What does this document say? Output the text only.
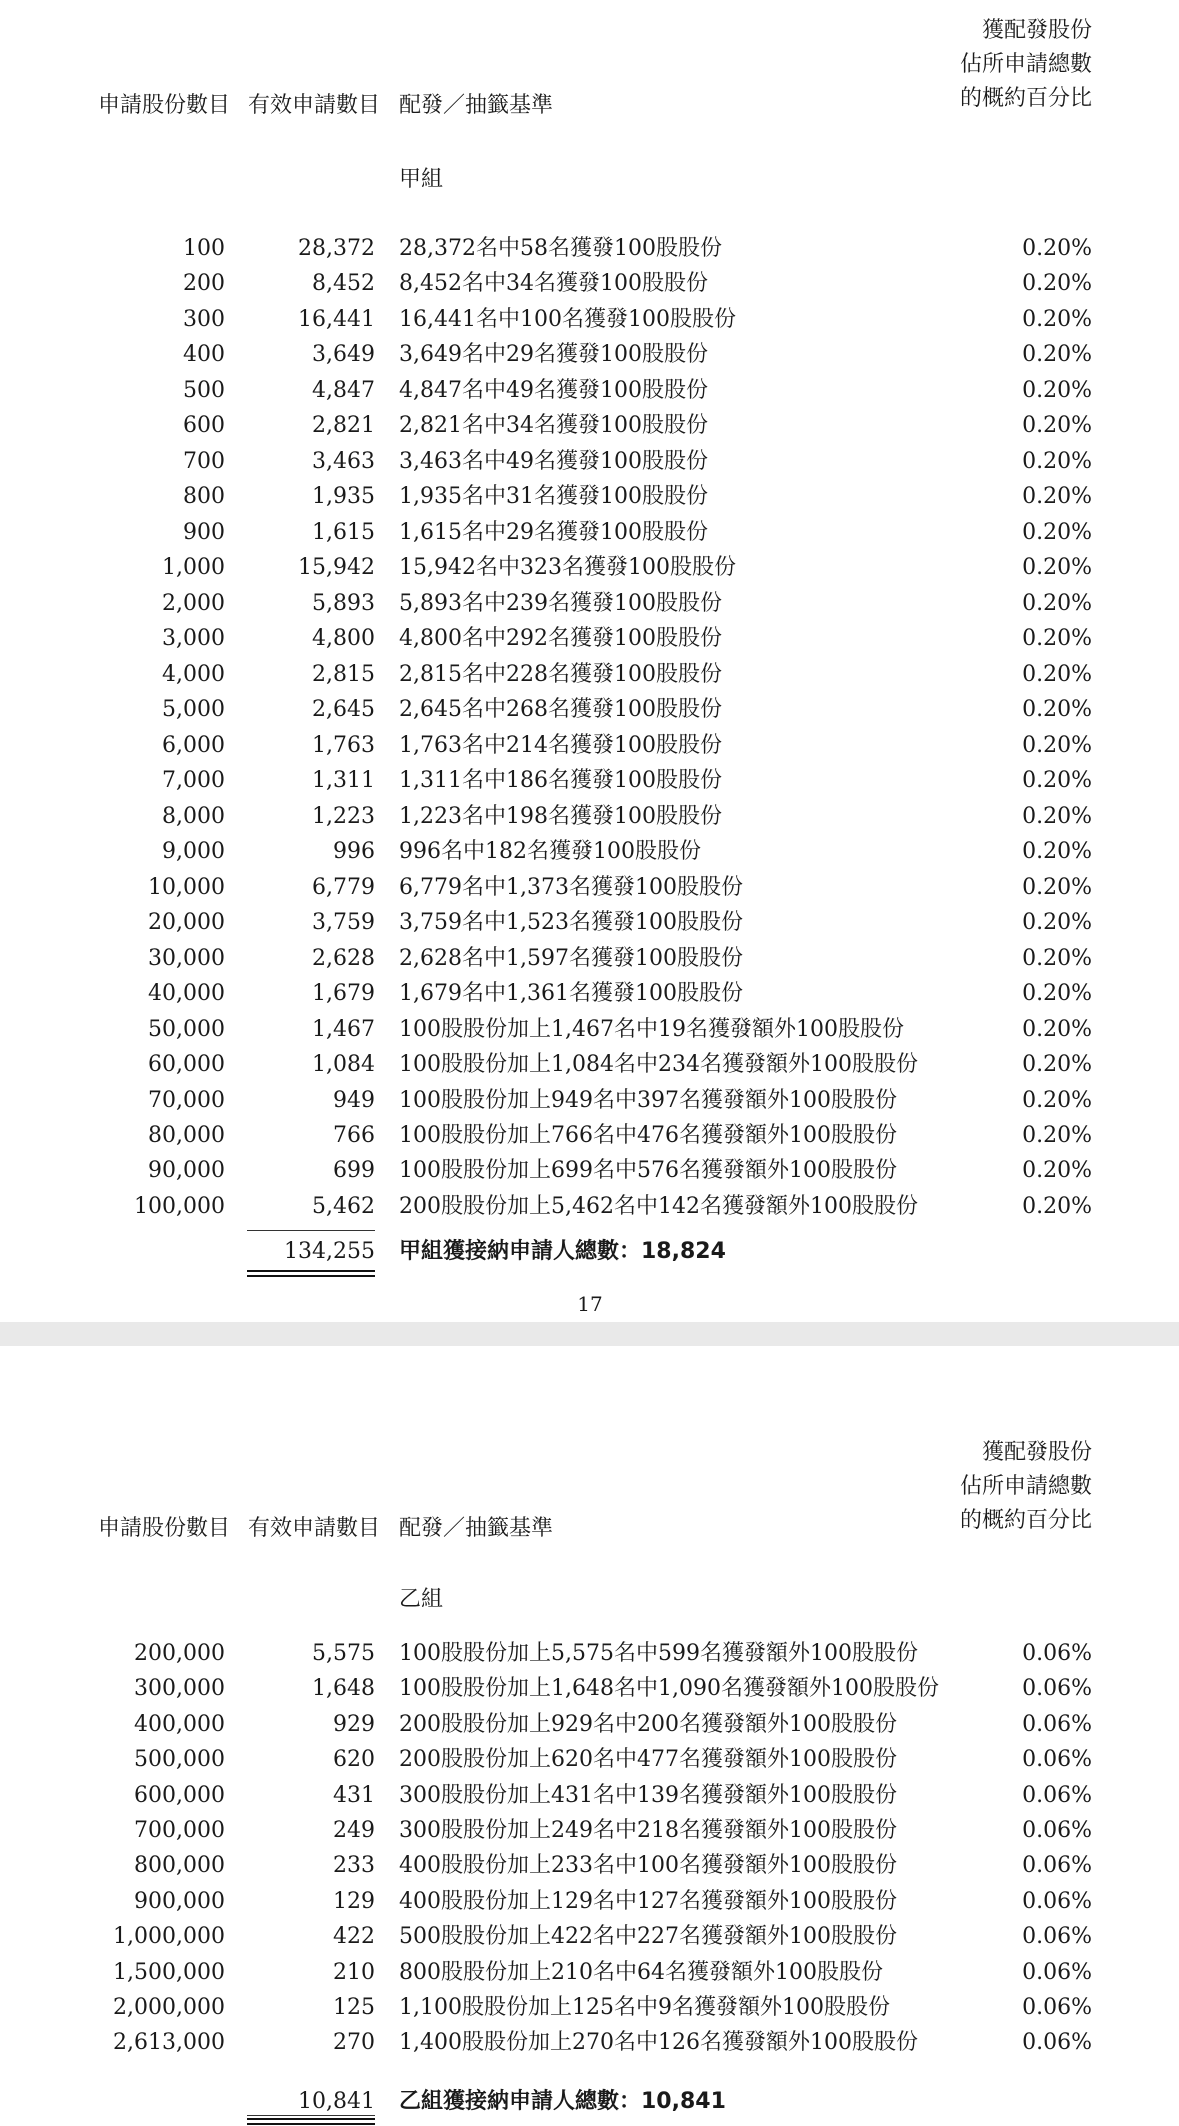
申請股份數目 有效申請數目 配發／抽籤基準
獲配發股份
佔所申請總數
的概約百分比
甲組
100	28,372 28,372名中58名獲發100股股份	0.20%
200	8,452 8,452名中34名獲發100股股份	0.20%
300	16,441 16,441名中100名獲發100股股份	0.20%
400	3,649 3,649名中29名獲發100股股份	0.20%
500	4,847 4,847名中49名獲發100股股份	0.20%
600	2,821 2,821名中34名獲發100股股份	0.20%
700	3,463 3,463名中49名獲發100股股份	0.20%
800	1,935 1,935名中31名獲發100股股份	0.20%
900	1,615 1,615名中29名獲發100股股份	0.20%
1,000	15,942 15,942名中323名獲發100股股份	0.20%
2,000	5,893 5,893名中239名獲發100股股份	0.20%
3,000	4,800 4,800名中292名獲發100股股份	0.20%
4,000	2,815 2,815名中228名獲發100股股份	0.20%
5,000	2,645 2,645名中268名獲發100股股份	0.20%
6,000	1,763 1,763名中214名獲發100股股份	0.20%
7,000	1,311 1,311名中186名獲發100股股份	0.20%
8,000	1,223 1,223名中198名獲發100股股份	0.20%
9,000	996 996名中182名獲發100股股份	0.20%
10,000	6,779 6,779名中1,373名獲發100股股份	0.20%
20,000	3,759 3,759名中1,523名獲發100股股份	0.20%
30,000	2,628 2,628名中1,597名獲發100股股份	0.20%
40,000	1,679 1,679名中1,361名獲發100股股份	0.20%
50,000	1,467 100股股份加上1,467名中19名獲發額外100股股份	0.20%
60,000	1,084 100股股份加上1,084名中234名獲發額外100股股份	0.20%
70,000	949 100股股份加上949名中397名獲發額外100股股份	0.20%
80,000	766 100股股份加上766名中476名獲發額外100股股份	0.20%
90,000	699 100股股份加上699名中576名獲發額外100股股份	0.20%
100,000	5,462 200股股份加上5,462名中142名獲發額外100股股份	0.20%
134,255 甲組獲接納申請人總數：18,824
17
申請股份數目 有效申請數目 配發／抽籤基準
獲配發股份
佔所申請總數
的概約百分比
乙組
200,000	5,575 100股股份加上5,575名中599名獲發額外100股股份	0.06%
300,000	1,648 100股股份加上1,648名中1,090名獲發額外100股股份	0.06%
400,000	929 200股股份加上929名中200名獲發額外100股股份	0.06%
500,000	620 200股股份加上620名中477名獲發額外100股股份	0.06%
600,000	431 300股股份加上431名中139名獲發額外100股股份	0.06%
700,000	249 300股股份加上249名中218名獲發額外100股股份	0.06%
800,000	233 400股股份加上233名中100名獲發額外100股股份	0.06%
900,000	129 400股股份加上129名中127名獲發額外100股股份	0.06%
1,000,000	422 500股股份加上422名中227名獲發額外100股股份	0.06%
1,500,000	210 800股股份加上210名中64名獲發額外100股股份	0.06%
2,000,000	125 1,100股股份加上125名中9名獲發額外100股股份	0.06%
2,613,000	270 1,400股股份加上270名中126名獲發額外100股股份	0.06%
10,841 乙組獲接納申請人總數：10,841
